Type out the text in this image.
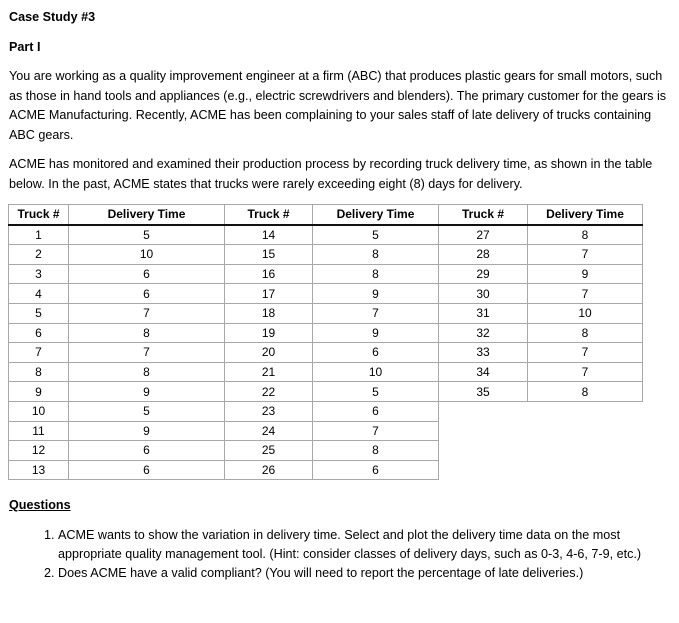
Case Study #3
Part I

You are working as a quality improvement engineer at a firm (ABC) that produces plastic gears for small motors, such as those in hand tools and appliances (e.g., electric screwdrivers and blenders). The primary customer for the gears is ACME Manufacturing. Recently, ACME has been complaining to your sales staff of late delivery of trucks containing ABC gears.

ACME has monitored and examined their production process by recording truck delivery time, as shown in the table below. In the past, ACME states that trucks were rarely exceeding eight (8) days for delivery.

Truck #	Delivery Time	Truck #	Delivery Time	Truck #	Delivery Time
1	5	14	5	27	8
2	10	15	8	28	7
3	6	16	8	29	9
4	6	17	9	30	7
5	7	18	7	31	10
6	8	19	9	32	8
7	7	20	6	33	7
8	8	21	10	34	7
9	9	22	5	35	8
10	5	23	6		
11	9	24	7		
12	6	25	8		
13	6	26	6		
Questions
1. ACME wants to show the variation in delivery time. Select and plot the delivery time data on the most appropriate quality management tool. (Hint: consider classes of delivery days, such as 0-3, 4-6, 7-9, etc.)
2. Does ACME have a valid compliant? (You will need to report the percentage of late deliveries.)
